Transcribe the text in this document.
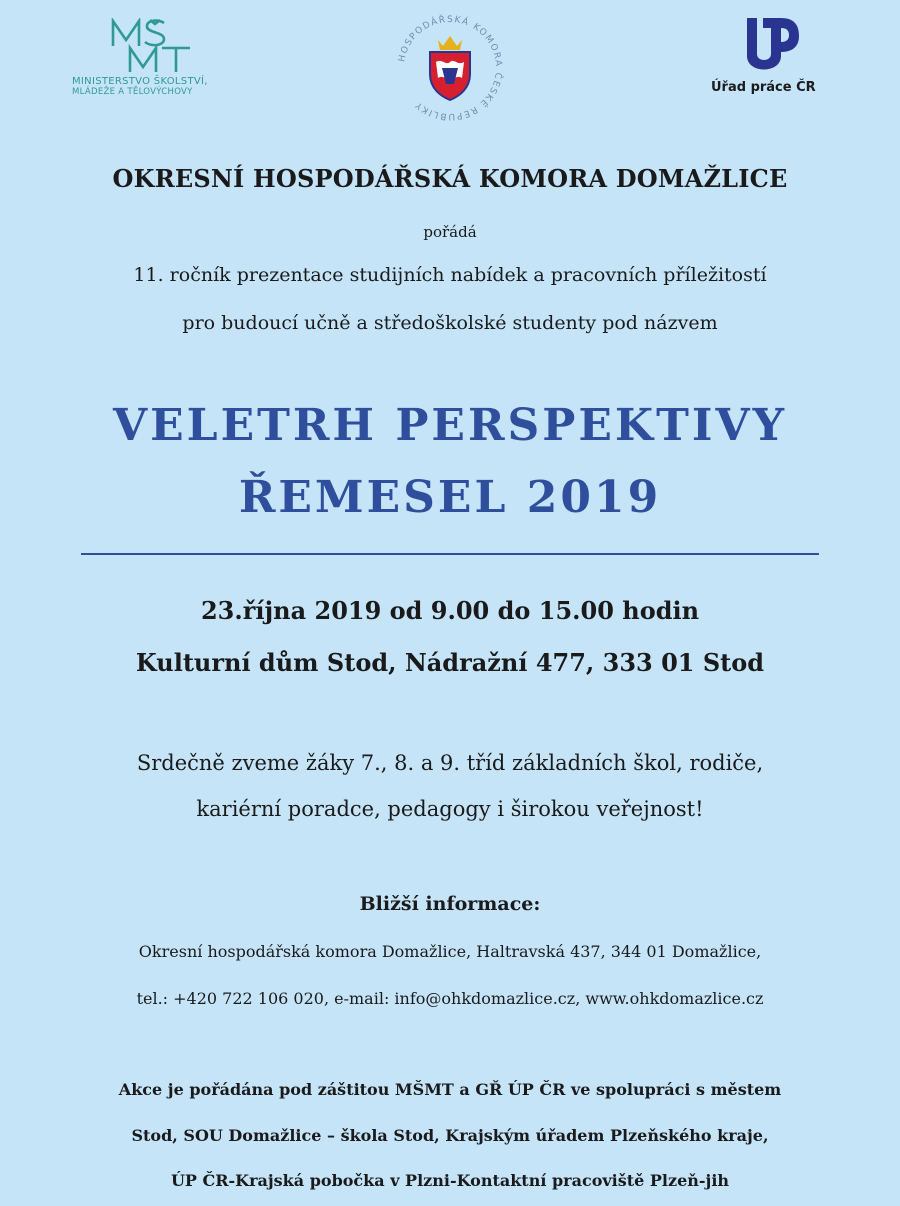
MINISTERSTVO ŠKOLSTVÍ,
MLÁDEŽE A TĚLOVÝCHOVY
HOSPODÁŘSKÁ KOMORA ČESKÉ REPUBLIKY
Úřad práce ČR
OKRESNÍ HOSPODÁŘSKÁ KOMORA DOMAŽLICE
pořádá
11. ročník prezentace studijních nabídek a pracovních příležitostí
pro budoucí učně a středoškolské studenty pod názvem
VELETRH PERSPEKTIVY
ŘEMESEL 2019
23.října 2019 od 9.00 do 15.00 hodin
Kulturní dům Stod, Nádražní 477, 333 01 Stod
Srdečně zveme žáky 7., 8. a 9. tříd základních škol, rodiče,
kariérní poradce, pedagogy i širokou veřejnost!
Bližší informace:
Okresní hospodářská komora Domažlice, Haltravská 437, 344 01 Domažlice,
tel.: +420 722 106 020, e-mail: info@ohkdomazlice.cz, www.ohkdomazlice.cz
Akce je pořádána pod záštitou MŠMT a GŘ ÚP ČR ve spolupráci s městem
Stod, SOU Domažlice – škola Stod, Krajským úřadem Plzeňského kraje,
ÚP ČR-Krajská pobočka v Plzni-Kontaktní pracoviště Plzeň-jih
